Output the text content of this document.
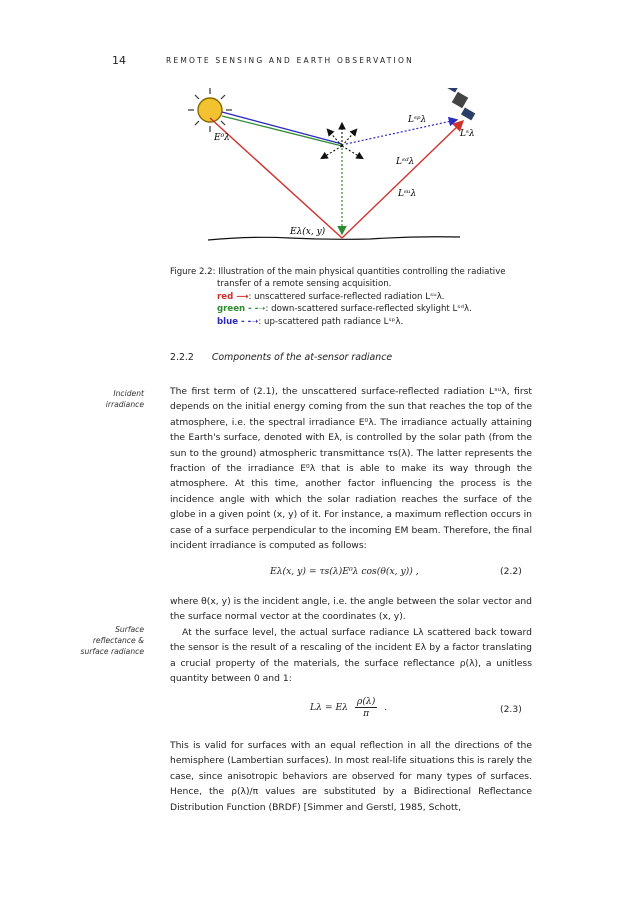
14	REMOTE SENSING AND EARTH OBSERVATION
E⁰λ
Lˢᵖλ
Lˢλ
Lˢᵈλ
Lˢᵘλ
Eλ(x, y)
Figure 2.2: Illustration of the main physical quantities controlling the radiative
transfer of a remote sensing acquisition.
red ⟶: unscattered surface-reflected radiation Lˢᵘλ.
green - -➝: down-scattered surface-reflected skylight Lˢᵈλ.
blue - -➝: up-scattered path radiance Lˢᵖλ.
2.2.2 Components of the at-sensor radiance
Incident irradiance
Surface reflectance & surface radiance
The first term of (2.1), the unscattered surface-reflected radiation Lˢᵘλ, first depends on the initial energy coming from the sun that reaches the top of the atmosphere, i.e. the spectral irradiance E⁰λ. The irradiance actually attaining the Earth's surface, denoted with Eλ, is controlled by the solar path (from the sun to the ground) atmospheric transmittance τs(λ). The latter represents the fraction of the irradiance E⁰λ that is able to make its way through the atmosphere. At this time, another factor influencing the process is the incidence angle with which the solar radiation reaches the surface of the globe in a given point (x, y) of it. For instance, a maximum reflection occurs in case of a surface perpendicular to the incoming EM beam. Therefore, the final incident irradiance is computed as follows:
Eλ(x, y) = τs(λ)E⁰λ cos(θ(x, y)) ,	(2.2)
where θ(x, y) is the incident angle, i.e. the angle between the solar vector and the surface normal vector at the coordinates (x, y).
At the surface level, the actual surface radiance Lλ scattered back toward the sensor is the result of a rescaling of the incident Eλ by a factor translating a crucial property of the materials, the surface reflectance ρ(λ), a unitless quantity between 0 and 1:
Lλ = Eλ $\frac{\rho(\lambda)}{\pi}$ .	(2.3)
This is valid for surfaces with an equal reflection in all the directions of the hemisphere (Lambertian surfaces). In most real-life situations this is rarely the case, since anisotropic behaviors are observed for many types of surfaces. Hence, the ρ(λ)/π values are substituted by a Bidirectional Reflectance Distribution Function (BRDF) [Simmer and Gerstl, 1985, Schott,
